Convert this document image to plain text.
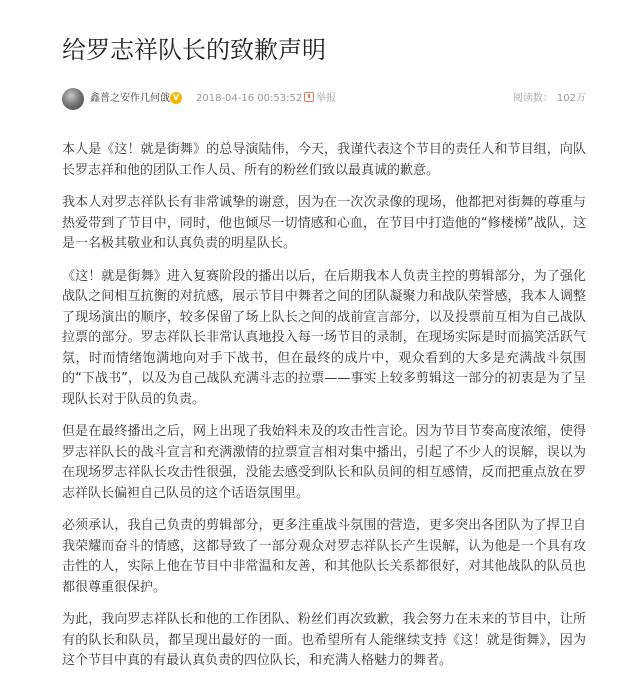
给罗志祥队长的致歉声明
鑫普之安作几何戗 V 2018-04-16 00:53:52	举报	阅读数： 102万

本人是《这！就是街舞》的总导演陆伟，今天，我谨代表这个节目的责任人和节目组，向队长罗志祥和他的团队工作人员、所有的粉丝们致以最真诚的歉意。

我本人对罗志祥队长有非常诚挚的谢意，因为在一次次录像的现场，他都把对街舞的尊重与热爱带到了节目中，同时，他也倾尽一切情感和心血，在节目中打造他的“修楼梯”战队，这是一名极其敬业和认真负责的明星队长。

《这！就是街舞》进入复赛阶段的播出以后，在后期我本人负责主控的剪辑部分，为了强化战队之间相互抗衡的对抗感，展示节目中舞者之间的团队凝聚力和战队荣誉感，我本人调整了现场演出的顺序，较多保留了场上队长之间的战前宣言部分，以及投票前互相为自己战队拉票的部分。罗志祥队长非常认真地投入每一场节目的录制，在现场实际是时而搞笑活跃气氛，时而情绪饱满地向对手下战书，但在最终的成片中，观众看到的大多是充满战斗氛围的“下战书”，以及为自己战队充满斗志的拉票——事实上较多剪辑这一部分的初衷是为了呈现队长对于队员的负责。

但是在最终播出之后，网上出现了我始料未及的攻击性言论。因为节目节奏高度浓缩，使得罗志祥队长的战斗宣言和充满激情的拉票宣言相对集中播出，引起了不少人的误解，误以为在现场罗志祥队长攻击性很强，没能去感受到队长和队员间的相互感情，反而把重点放在罗志祥队长偏袒自己队员的这个话语氛围里。

必须承认，我自己负责的剪辑部分，更多注重战斗氛围的营造，更多突出各团队为了捍卫自我荣耀而奋斗的情感，这都导致了一部分观众对罗志祥队长产生误解，认为他是一个具有攻击性的人，实际上他在节目中非常温和友善，和其他队长关系都很好，对其他战队的队员也都很尊重很保护。

为此，我向罗志祥队长和他的工作团队、粉丝们再次致歉，我会努力在未来的节目中，让所有的队长和队员，都呈现出最好的一面。也希望所有人能继续支持《这！就是街舞》，因为这个节目中真的有最认真负责的四位队长，和充满人格魅力的舞者。
